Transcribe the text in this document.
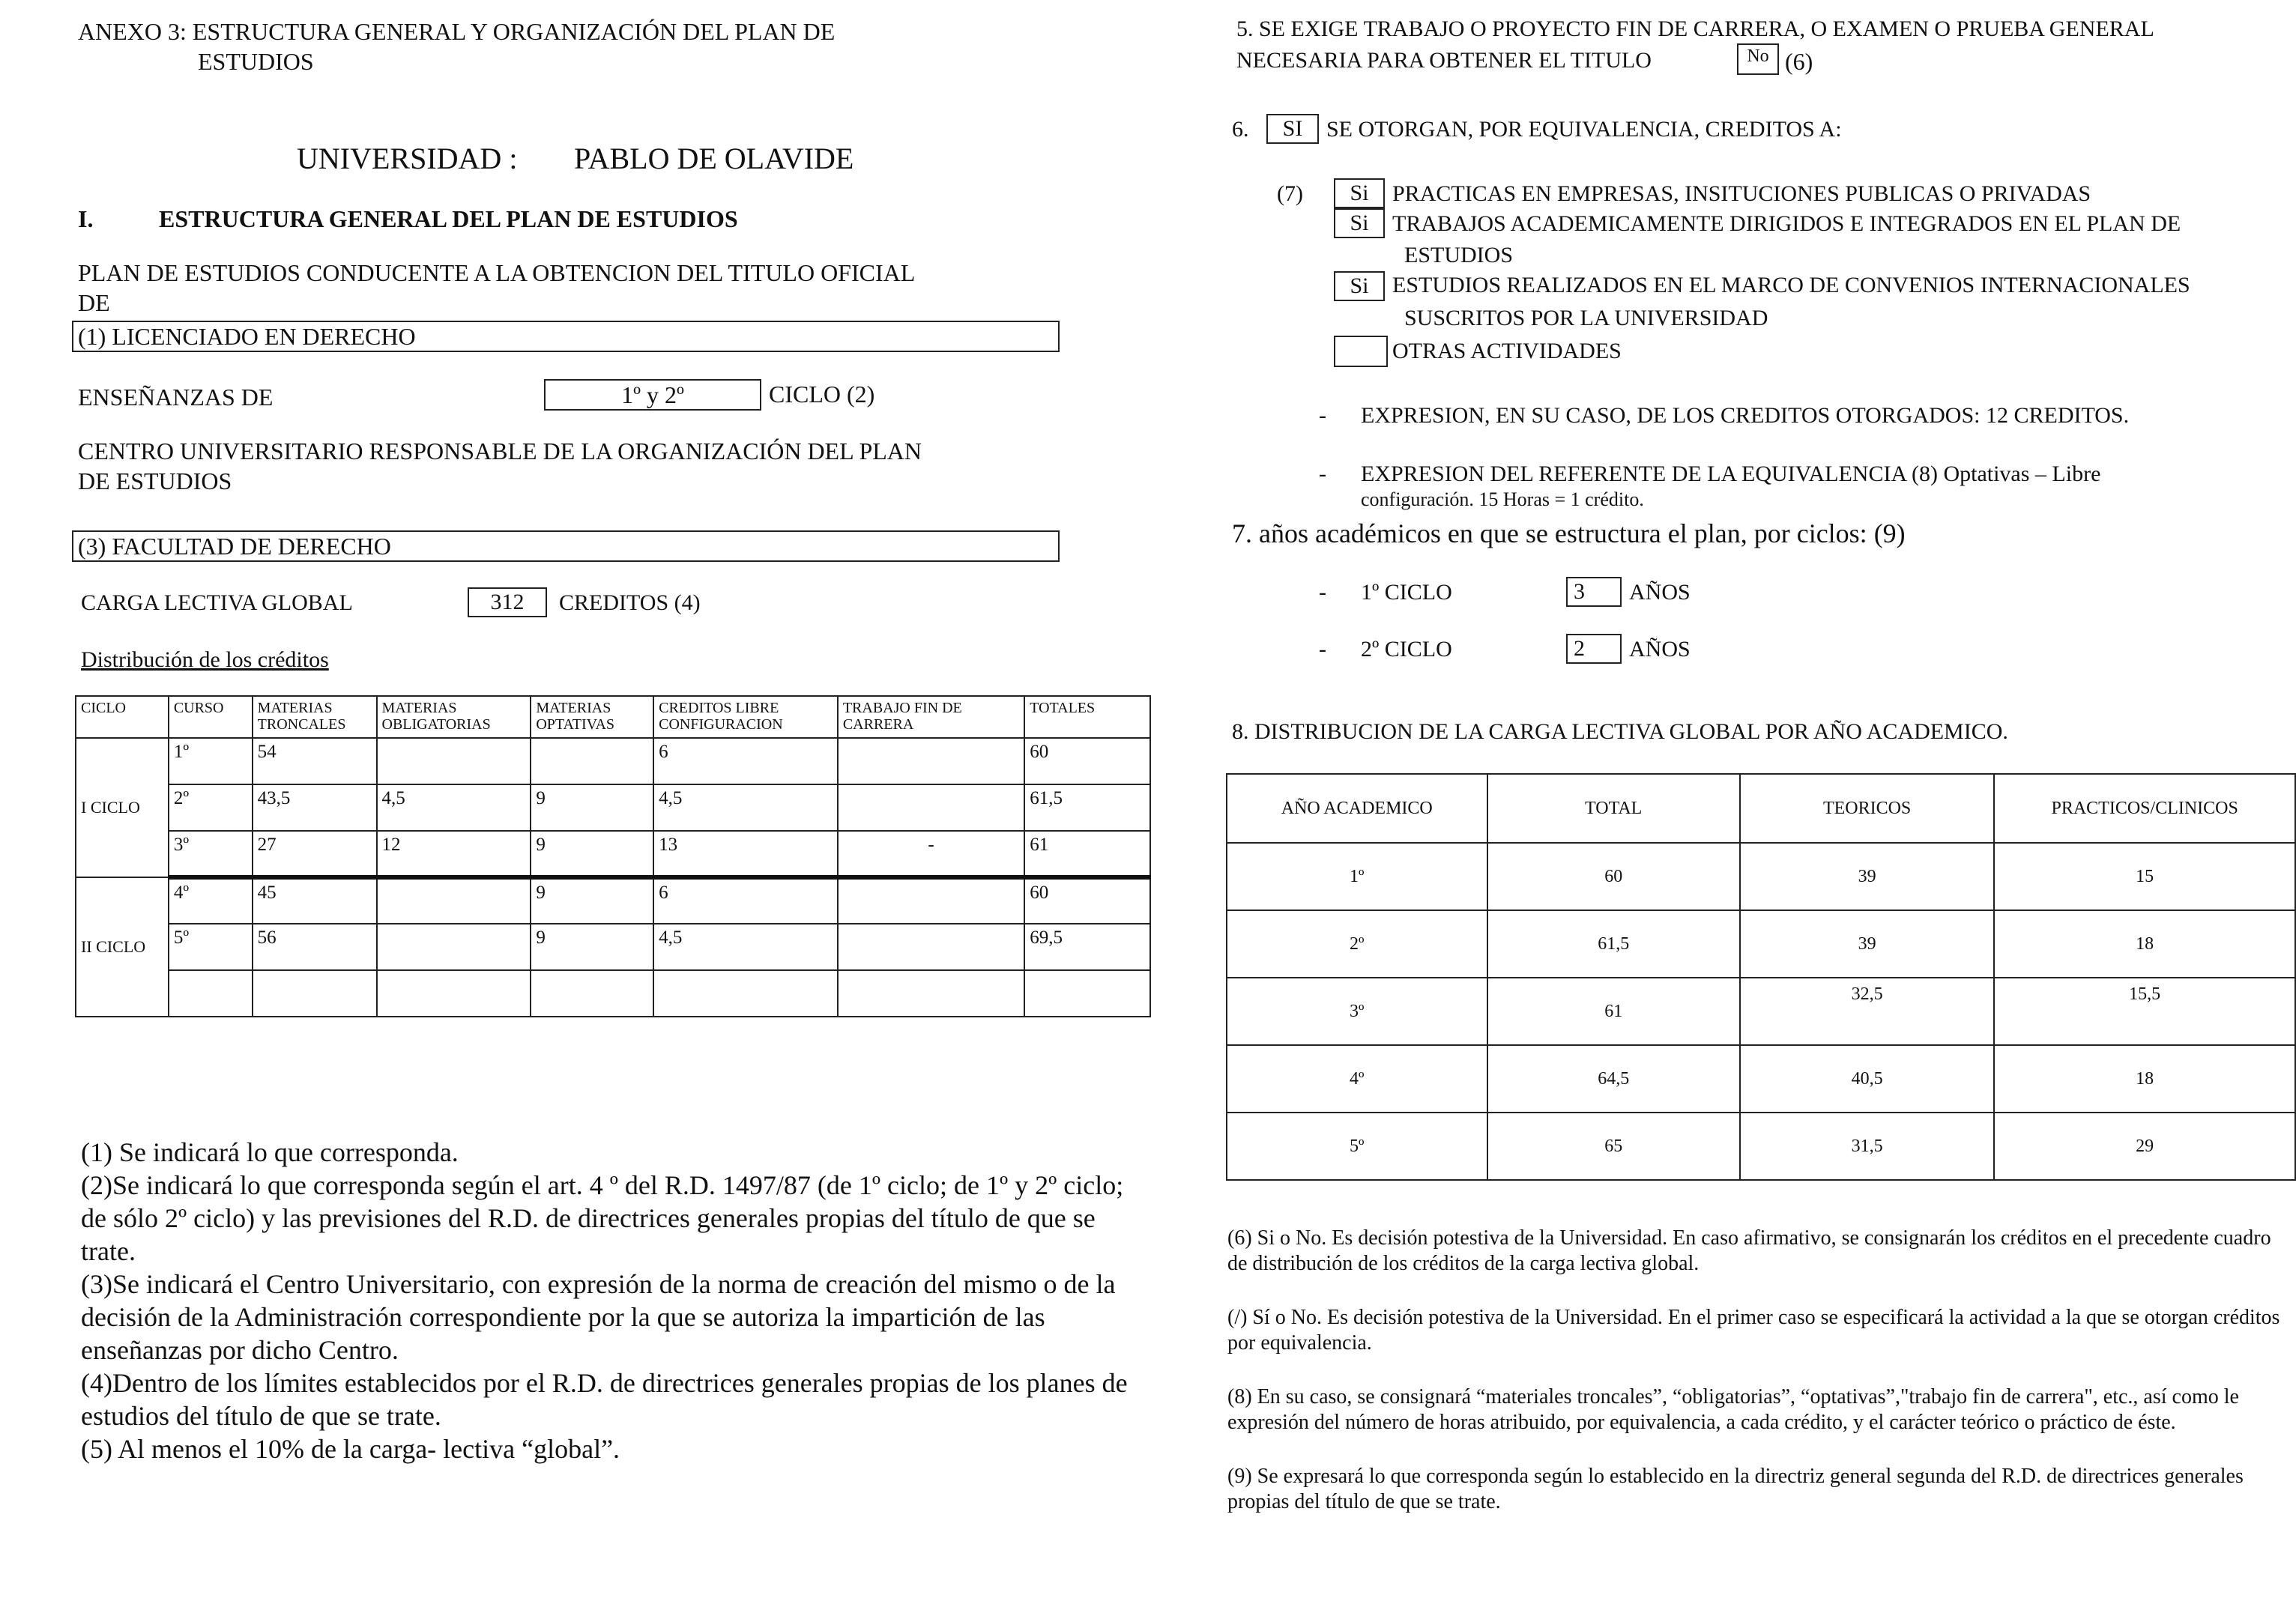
ANEXO 3: ESTRUCTURA GENERAL Y ORGANIZACIÓN DEL PLAN DE
ESTUDIOS
UNIVERSIDAD : PABLO DE OLAVIDE
I.	ESTRUCTURA GENERAL DEL PLAN DE ESTUDIOS
PLAN DE ESTUDIOS CONDUCENTE A LA OBTENCION DEL TITULO OFICIAL
DE
(1) LICENCIADO EN DERECHO
ENSEÑANZAS DE	1º y 2º	CICLO (2)
CENTRO UNIVERSITARIO RESPONSABLE DE LA ORGANIZACIÓN DEL PLAN
DE ESTUDIOS
(3) FACULTAD DE DERECHO
CARGA LECTIVA GLOBAL	312	CREDITOS (4)
Distribución de los créditos
CICLO	CURSO	MATERIAS TRONCALES	MATERIAS OBLIGATORIAS	MATERIAS OPTATIVAS	CREDITOS LIBRE CONFIGURACION	TRABAJO FIN DE CARRERA	TOTALES
I CICLO	1º	54			6		60
	2º	43,5	4,5	9	4,5		61,5
	3º	27	12	9	13	-	61
II CICLO	4º	45		9	6		60
	5º	56		9	4,5		69,5

(1) Se indicará lo que corresponda.

(2)Se indicará lo que corresponda según el art. 4 º del R.D. 1497/87 (de 1º ciclo; de 1º y 2º ciclo; de sólo 2º ciclo) y las previsiones del R.D. de directrices generales propias del título de que se trate.

(3)Se indicará el Centro Universitario, con expresión de la norma de creación del mismo o de la decisión de la Administración correspondiente por la que se autoriza la impartición de las enseñanzas por dicho Centro.

(4)Dentro de los límites establecidos por el R.D. de directrices generales propias de los planes de estudios del título de que se trate.

(5) Al menos el 10% de la carga- lectiva “global”.

5. SE EXIGE TRABAJO O PROYECTO FIN DE CARRERA, O EXAMEN O PRUEBA GENERAL
NECESARIA PARA OBTENER EL TITULO	No (6)
6.	SI	SE OTORGAN, POR EQUIVALENCIA, CREDITOS A:
(7)	Si	PRACTICAS EN EMPRESAS, INSITUCIONES PUBLICAS O PRIVADAS
Si	TRABAJOS ACADEMICAMENTE DIRIGIDOS E INTEGRADOS EN EL PLAN DE
ESTUDIOS
Si	ESTUDIOS REALIZADOS EN EL MARCO DE CONVENIOS INTERNACIONALES
SUSCRITOS POR LA UNIVERSIDAD
OTRAS ACTIVIDADES
- EXPRESION, EN SU CASO, DE LOS CREDITOS OTORGADOS: 12 CREDITOS.
- EXPRESION DEL REFERENTE DE LA EQUIVALENCIA (8) Optativas – Libre
configuración. 15 Horas = 1 crédito.
7. años académicos en que se estructura el plan, por ciclos: (9)
- 1º CICLO	3	AÑOS
- 2º CICLO	2	AÑOS
8. DISTRIBUCION DE LA CARGA LECTIVA GLOBAL POR AÑO ACADEMICO.
AÑO ACADEMICO	TOTAL	TEORICOS	PRACTICOS/CLINICOS
1º	60	39	15
2º	61,5	39	18
3º	61	32,5	15,5
4º	64,5	40,5	18
5º	65	31,5	29

(6) Si o No. Es decisión potestiva de la Universidad. En caso afirmativo, se consignarán los créditos en el precedente cuadro de distribución de los créditos de la carga lectiva global.

(/) Sí o No. Es decisión potestiva de la Universidad. En el primer caso se especificará la actividad a la que se otorgan créditos por equivalencia.

(8) En su caso, se consignará “materiales troncales”, “obligatorias”, “optativas”,"trabajo fin de carrera", etc., así como le expresión del número de horas atribuido, por equivalencia, a cada crédito, y el carácter teórico o práctico de éste.

(9) Se expresará lo que corresponda según lo establecido en la directriz general segunda del R.D. de directrices generales propias del título de que se trate.
